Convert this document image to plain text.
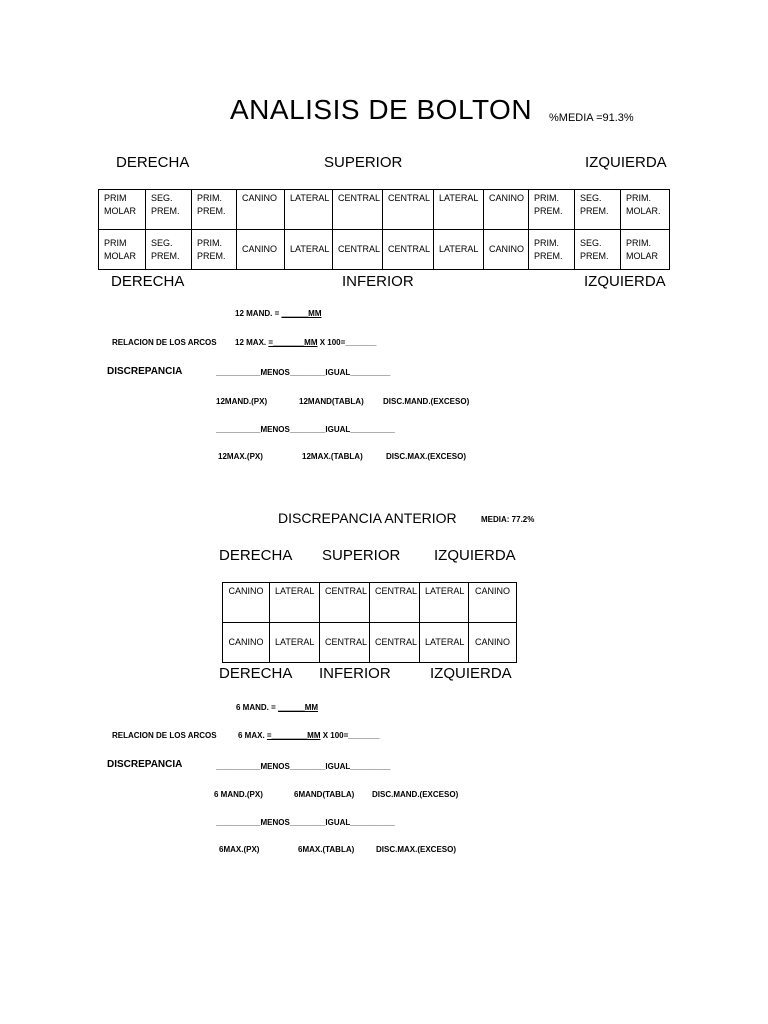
ANALISIS DE BOLTON %MEDIA =91.3%
DERECHA	SUPERIOR	IZQUIERDA
PRIM MOLAR	SEG. PREM.	PRIM. PREM.	CANINO	LATERAL	CENTRAL	CENTRAL	LATERAL	CANINO	PRIM. PREM.	SEG. PREM.	PRIM. MOLAR.
PRIM MOLAR	SEG. PREM.	PRIM. PREM.	CANINO	LATERAL	CENTRAL	CENTRAL	LATERAL	CANINO	PRIM. PREM.	SEG. PREM.	PRIM. MOLAR
DERECHA	INFERIOR	IZQUIERDA
12 MAND. = ______MM
RELACION DE LOS ARCOS 12 MAX. =_______MM X 100=_______
DISCREPANCIA	__________MENOS________IGUAL_________
12MAND.(PX)	12MAND(TABLA) DISC.MAND.(EXCESO)
__________MENOS________IGUAL__________
12MAX.(PX)	12MAX.(TABLA)	DISC.MAX.(EXCESO)
DISCREPANCIA ANTERIOR	MEDIA: 77.2%
DERECHA SUPERIOR IZQUIERDA
CANINO	LATERAL	CENTRAL	CENTRAL	LATERAL	CANINO
CANINO	LATERAL	CENTRAL	CENTRAL	LATERAL	CANINO
DERECHA INFERIOR	IZQUIERDA
6 MAND. = ______MM
RELACION DE LOS ARCOS	6 MAX. =________MM X 100=_______
DISCREPANCIA	__________MENOS________IGUAL_________
6 MAND.(PX)	6MAND(TABLA) DISC.MAND.(EXCESO)
__________MENOS________IGUAL__________
6MAX.(PX)	6MAX.(TABLA)	DISC.MAX.(EXCESO)
